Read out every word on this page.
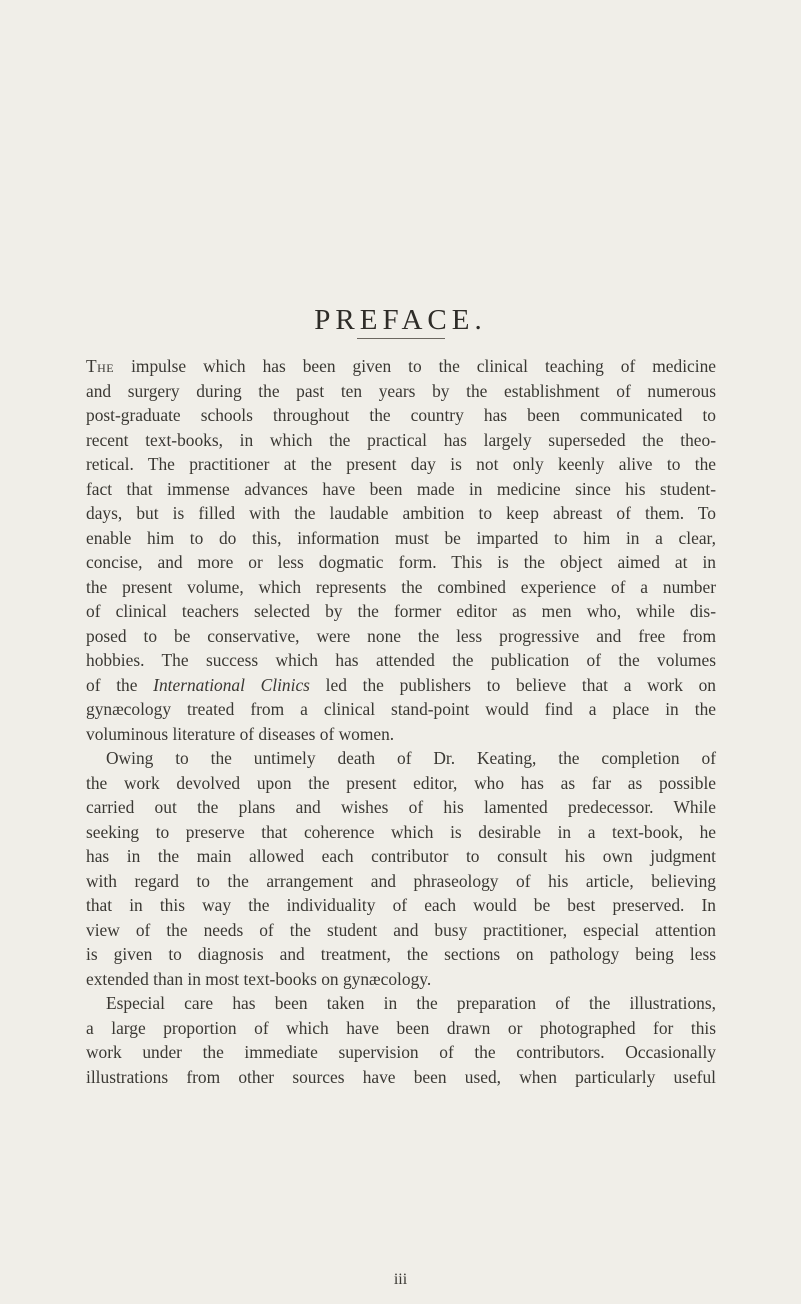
PREFACE.
The impulse which has been given to the clinical teaching of medicine
and surgery during the past ten years by the establishment of numerous
post-graduate schools throughout the country has been communicated to
recent text-books, in which the practical has largely superseded the theo-
retical. The practitioner at the present day is not only keenly alive to the
fact that immense advances have been made in medicine since his student-
days, but is filled with the laudable ambition to keep abreast of them. To
enable him to do this, information must be imparted to him in a clear,
concise, and more or less dogmatic form. This is the object aimed at in
the present volume, which represents the combined experience of a number
of clinical teachers selected by the former editor as men who, while dis-
posed to be conservative, were none the less progressive and free from
hobbies. The success which has attended the publication of the volumes
of the International Clinics led the publishers to believe that a work on
gynæcology treated from a clinical stand-point would find a place in the
voluminous literature of diseases of women.
Owing to the untimely death of Dr. Keating, the completion of
the work devolved upon the present editor, who has as far as possible
carried out the plans and wishes of his lamented predecessor. While
seeking to preserve that coherence which is desirable in a text-book, he
has in the main allowed each contributor to consult his own judgment
with regard to the arrangement and phraseology of his article, believing
that in this way the individuality of each would be best preserved. In
view of the needs of the student and busy practitioner, especial attention
is given to diagnosis and treatment, the sections on pathology being less
extended than in most text-books on gynæcology.
Especial care has been taken in the preparation of the illustrations,
a large proportion of which have been drawn or photographed for this
work under the immediate supervision of the contributors. Occasionally
illustrations from other sources have been used, when particularly useful
iii
